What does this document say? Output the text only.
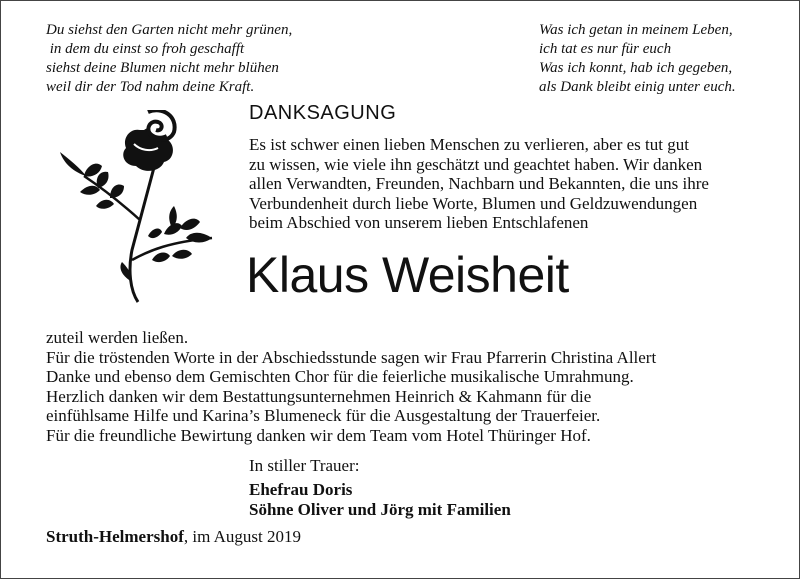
Du siehst den Garten nicht mehr grünen,
in dem du einst so froh geschafft
siehst deine Blumen nicht mehr blühen
weil dir der Tod nahm deine Kraft.
Was ich getan in meinem Leben,
ich tat es nur für euch
Was ich konnt, hab ich gegeben,
als Dank bleibt einig unter euch.
DANKSAGUNG
Es ist schwer einen lieben Menschen zu verlieren, aber es tut gut
zu wissen, wie viele ihn geschätzt und geachtet haben. Wir danken
allen Verwandten, Freunden, Nachbarn und Bekannten, die uns ihre
Verbundenheit durch liebe Worte, Blumen und Geldzuwendungen
beim Abschied von unserem lieben Entschlafenen
Klaus Weisheit
zuteil werden ließen.
Für die tröstenden Worte in der Abschiedsstunde sagen wir Frau Pfarrerin Christina Allert
Danke und ebenso dem Gemischten Chor für die feierliche musikalische Umrahmung.
Herzlich danken wir dem Bestattungsunternehmen Heinrich & Kahmann für die
einfühlsame Hilfe und Karina’s Blumeneck für die Ausgestaltung der Trauerfeier.
Für die freundliche Bewirtung danken wir dem Team vom Hotel Thüringer Hof.
In stiller Trauer:
Ehefrau Doris
Söhne Oliver und Jörg mit Familien
Struth-Helmershof, im August 2019
